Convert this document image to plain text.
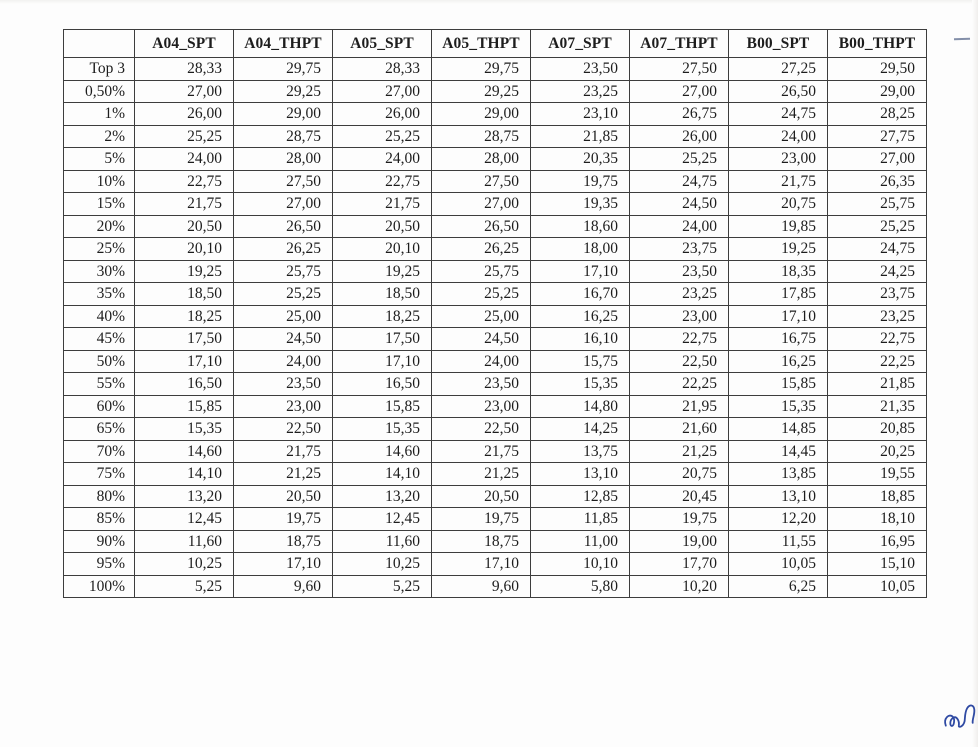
	A04_SPT	A04_THPT	A05_SPT	A05_THPT	A07_SPT	A07_THPT	B00_SPT	B00_THPT
Top 3	28,33	29,75	28,33	29,75	23,50	27,50	27,25	29,50
0,50%	27,00	29,25	27,00	29,25	23,25	27,00	26,50	29,00
1%	26,00	29,00	26,00	29,00	23,10	26,75	24,75	28,25
2%	25,25	28,75	25,25	28,75	21,85	26,00	24,00	27,75
5%	24,00	28,00	24,00	28,00	20,35	25,25	23,00	27,00
10%	22,75	27,50	22,75	27,50	19,75	24,75	21,75	26,35
15%	21,75	27,00	21,75	27,00	19,35	24,50	20,75	25,75
20%	20,50	26,50	20,50	26,50	18,60	24,00	19,85	25,25
25%	20,10	26,25	20,10	26,25	18,00	23,75	19,25	24,75
30%	19,25	25,75	19,25	25,75	17,10	23,50	18,35	24,25
35%	18,50	25,25	18,50	25,25	16,70	23,25	17,85	23,75
40%	18,25	25,00	18,25	25,00	16,25	23,00	17,10	23,25
45%	17,50	24,50	17,50	24,50	16,10	22,75	16,75	22,75
50%	17,10	24,00	17,10	24,00	15,75	22,50	16,25	22,25
55%	16,50	23,50	16,50	23,50	15,35	22,25	15,85	21,85
60%	15,85	23,00	15,85	23,00	14,80	21,95	15,35	21,35
65%	15,35	22,50	15,35	22,50	14,25	21,60	14,85	20,85
70%	14,60	21,75	14,60	21,75	13,75	21,25	14,45	20,25
75%	14,10	21,25	14,10	21,25	13,10	20,75	13,85	19,55
80%	13,20	20,50	13,20	20,50	12,85	20,45	13,10	18,85
85%	12,45	19,75	12,45	19,75	11,85	19,75	12,20	18,10
90%	11,60	18,75	11,60	18,75	11,00	19,00	11,55	16,95
95%	10,25	17,10	10,25	17,10	10,10	17,70	10,05	15,10
100%	5,25	9,60	5,25	9,60	5,80	10,20	6,25	10,05
